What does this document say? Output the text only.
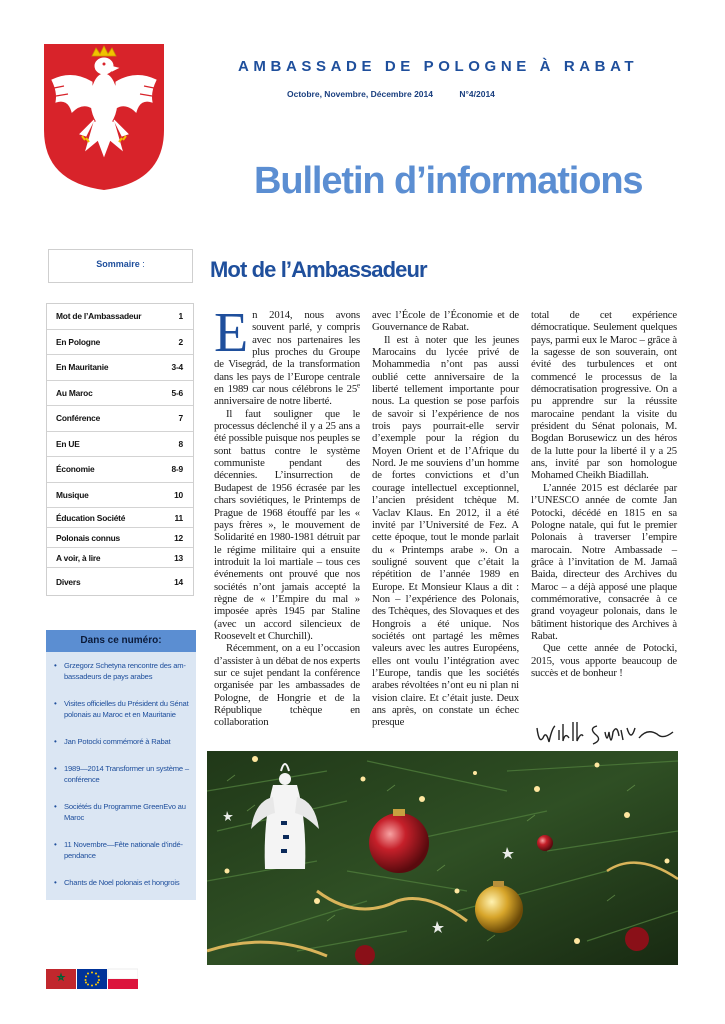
AMBASSADE DE POLOGNE À RABAT
Octobre, Novembre, Décembre 2014	N°4/2014
Bulletin d’informations
Sommaire :
Mot de l’Ambassadeur	1
En Pologne	2
En Mauritanie	3-4
Au Maroc	5-6
Conférence	7
En UE	8
Économie	8-9
Musique	10
Éducation Société	11
Polonais connus	12
A voir, à lire	13
Divers	14
Dans ce numéro:
• Grzegorz Schetyna rencontre des am-bassadeurs de pays arabes
• Visites officielles du Président du Sénat polonais au Maroc et en Mauritanie
• Jan Potocki commémoré à Rabat
• 1989—2014 Transformer un système – conférence
• Sociétés du Programme GreenEvo au Maroc
• 11 Novembre—Fête nationale d’indé-pendance
• Chants de Noel polonais et hongrois
Mot de l’Ambassadeur

En 2014, nous avons souvent parlé, y compris avec nos partenaires les plus proches du Groupe de Visegrád, de la transformation dans les pays de l’Europe centrale en 1989 car nous célébrons le 25e anniversaire de notre liberté.

Il faut souligner que le processus déclenché il y a 25 ans a été possible puisque nos peuples se sont battus contre le système communiste pendant des décennies. L’insurrection de Budapest de 1956 écrasée par les chars soviétiques, le Printemps de Prague de 1968 étouffé par les « pays frères », le mouvement de Solidarité en 1980-1981 détruit par le régime militaire qui a ensuite introduit la loi martiale – tous ces événements ont prouvé que nos sociétés n’ont jamais accepté la règne de « l’Empire du mal » imposée après 1945 par Staline (avec un accord silencieux de Roosevelt et Churchill).

Récemment, on a eu l’occasion d’assister à un débat de nos experts sur ce sujet pendant la conférence organisée par les ambassades de Pologne, de Hongrie et de la République tchèque en collaboration

avec l’École de l’Économie et de Gouvernance de Rabat.

Il est à noter que les jeunes Marocains du lycée privé de Mohammedia n’ont pas aussi oublié cette anniversaire de la liberté tellement importante pour nous. La question se pose parfois de savoir si l’expérience de nos trois pays pourrait-elle servir d’exemple pour la région du Moyen Orient et de l’Afrique du Nord. Je me souviens d’un homme de fortes convictions et d’un courage intellectuel exceptionnel, l’ancien président tchèque M. Vaclav Klaus. En 2012, il a été invité par l’Université de Fez. A cette époque, tout le monde parlait du « Printemps arabe ». On a souligné souvent que c’était la répétition de l’année 1989 en Europe. Et Monsieur Klaus a dit : Non – l’expérience des Polonais, des Tchèques, des Slovaques et des Hongrois a été unique. Nos sociétés ont partagé les mêmes valeurs avec les autres Européens, elles ont voulu l’intégration avec l’Europe, tandis que les sociétés arabes révoltées n’ont eu ni plan ni vision claire. Et c’était juste. Deux ans après, on constate un échec presque

total de cet expérience démocratique. Seulement quelques pays, parmi eux le Maroc – grâce à la sagesse de son souverain, ont évité des turbulences et ont commencé le processus de la démocratisation progressive. On a pu apprendre sur la réussite marocaine pendant la visite du président du Sénat polonais, M. Bogdan Borusewicz un des héros de la lutte pour la liberté il y a 25 ans, invité par son homologue Mohamed Cheikh Biadillah.

L’année 2015 est déclarée par l’UNESCO année de comte Jan Potocki, décédé en 1815 en sa Pologne natale, qui fut le premier Polonais à traverser l’empire marocain. Notre Ambassade – grâce à l’invitation de M. Jamaâ Baida, directeur des Archives du Maroc – a déjà apposé une plaque commémorative, consacrée à ce grand voyageur polonais, dans le bâtiment historique des Archives à Rabat.

Que cette année de Potocki, 2015, vous apporte beaucoup de succès et de bonheur !
